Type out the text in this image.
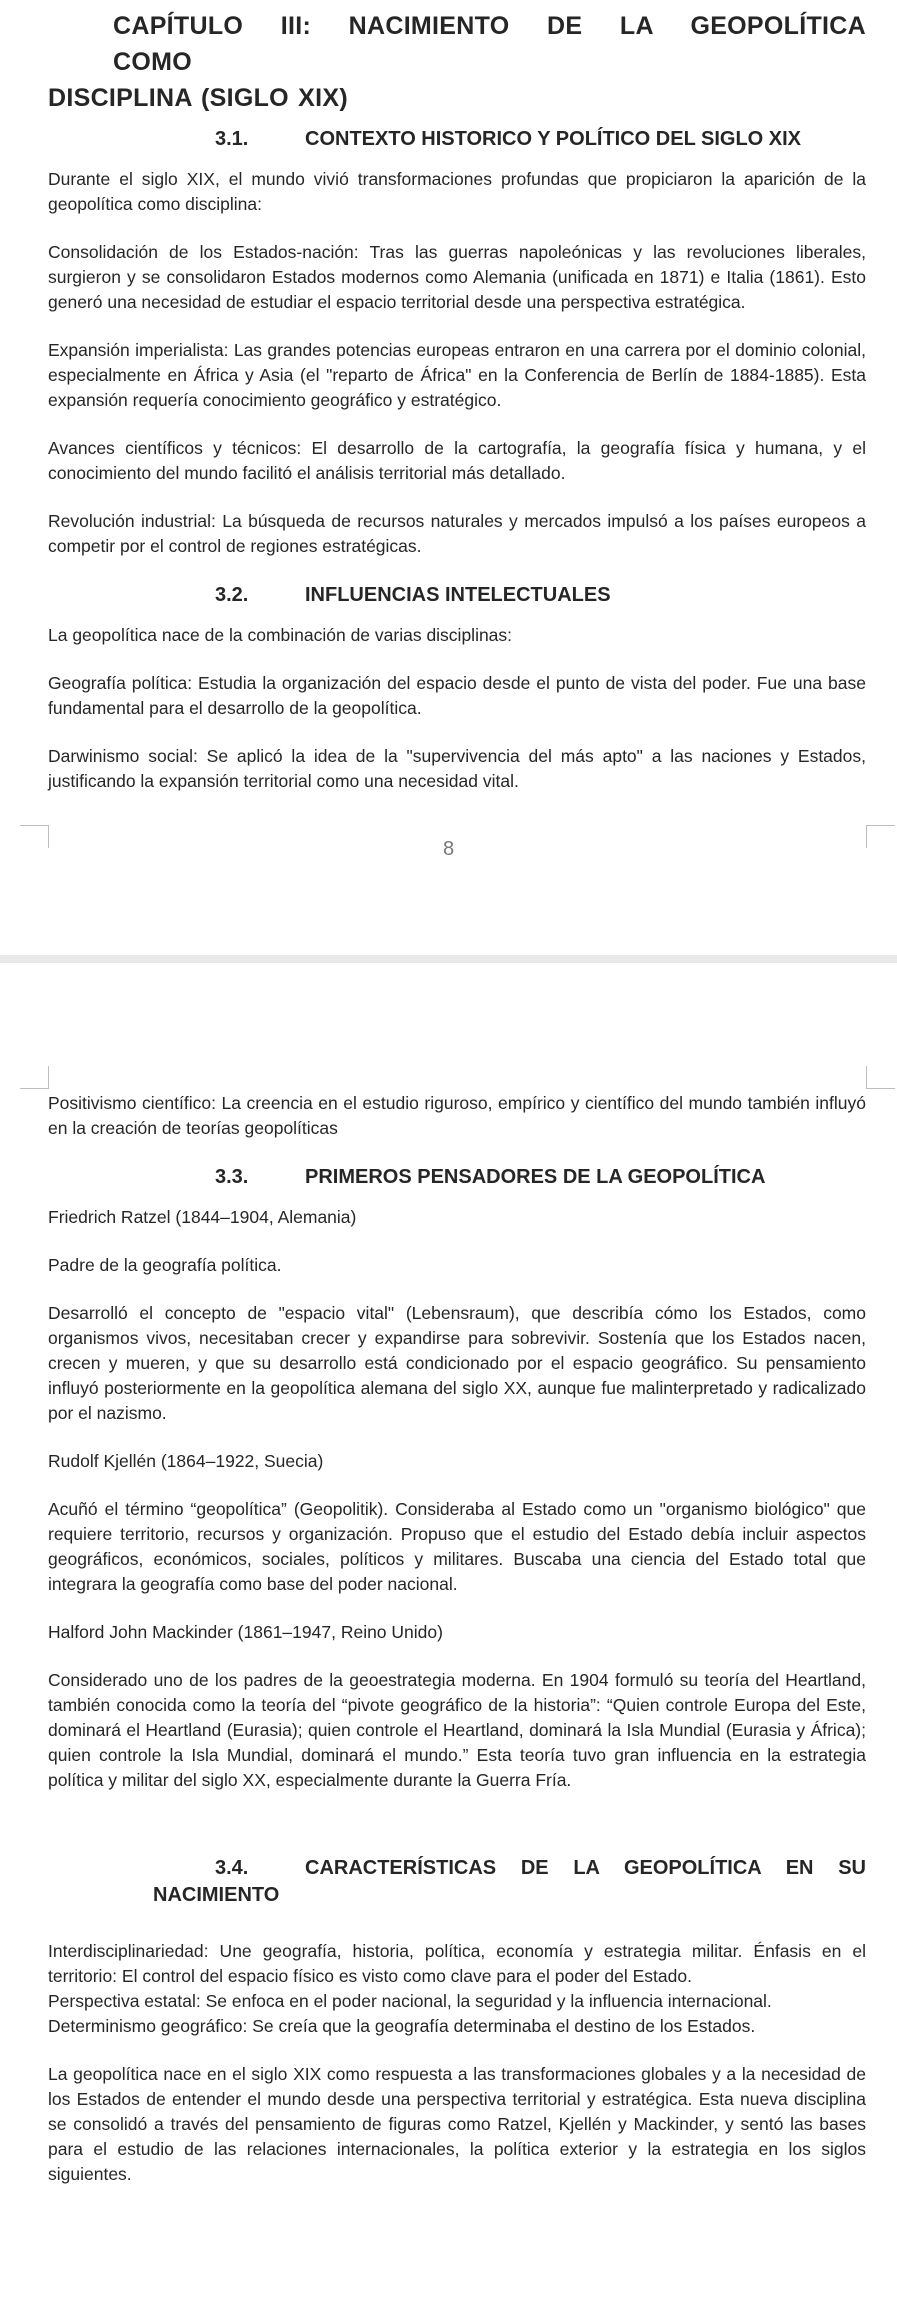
CAPÍTULO III: NACIMIENTO DE LA GEOPOLÍTICA COMO
DISCIPLINA (SIGLO XIX)
3.1.	CONTEXTO HISTORICO Y POLÍTICO DEL SIGLO XIX

Durante el siglo XIX, el mundo vivió transformaciones profundas que propiciaron la aparición de la geopolítica como disciplina:

Consolidación de los Estados-nación: Tras las guerras napoleónicas y las revoluciones liberales, surgieron y se consolidaron Estados modernos como Alemania (unificada en 1871) e Italia (1861). Esto generó una necesidad de estudiar el espacio territorial desde una perspectiva estratégica.

Expansión imperialista: Las grandes potencias europeas entraron en una carrera por el dominio colonial, especialmente en África y Asia (el "reparto de África" en la Conferencia de Berlín de 1884-1885). Esta expansión requería conocimiento geográfico y estratégico.

Avances científicos y técnicos: El desarrollo de la cartografía, la geografía física y humana, y el conocimiento del mundo facilitó el análisis territorial más detallado.

Revolución industrial: La búsqueda de recursos naturales y mercados impulsó a los países europeos a competir por el control de regiones estratégicas.

3.2.	INFLUENCIAS INTELECTUALES

La geopolítica nace de la combinación de varias disciplinas:

Geografía política: Estudia la organización del espacio desde el punto de vista del poder. Fue una base fundamental para el desarrollo de la geopolítica.

Darwinismo social: Se aplicó la idea de la "supervivencia del más apto" a las naciones y Estados, justificando la expansión territorial como una necesidad vital.

8

Positivismo científico: La creencia en el estudio riguroso, empírico y científico del mundo también influyó en la creación de teorías geopolíticas

3.3.	PRIMEROS PENSADORES DE LA GEOPOLÍTICA

Friedrich Ratzel (1844–1904, Alemania)

Padre de la geografía política.

Desarrolló el concepto de "espacio vital" (Lebensraum), que describía cómo los Estados, como organismos vivos, necesitaban crecer y expandirse para sobrevivir. Sostenía que los Estados nacen, crecen y mueren, y que su desarrollo está condicionado por el espacio geográfico. Su pensamiento influyó posteriormente en la geopolítica alemana del siglo XX, aunque fue malinterpretado y radicalizado por el nazismo.

Rudolf Kjellén (1864–1922, Suecia)

Acuñó el término “geopolítica” (Geopolitik). Consideraba al Estado como un "organismo biológico" que requiere territorio, recursos y organización. Propuso que el estudio del Estado debía incluir aspectos geográficos, económicos, sociales, políticos y militares. Buscaba una ciencia del Estado total que integrara la geografía como base del poder nacional.

Halford John Mackinder (1861–1947, Reino Unido)

Considerado uno de los padres de la geoestrategia moderna. En 1904 formuló su teoría del Heartland, también conocida como la teoría del “pivote geográfico de la historia”: “Quien controle Europa del Este, dominará el Heartland (Eurasia); quien controle el Heartland, dominará la Isla Mundial (Eurasia y África); quien controle la Isla Mundial, dominará el mundo.” Esta teoría tuvo gran influencia en la estrategia política y militar del siglo XX, especialmente durante la Guerra Fría.

3.4.	CARACTERÍSTICAS DE LA GEOPOLÍTICA EN SU
NACIMIENTO

Interdisciplinariedad: Une geografía, historia, política, economía y estrategia militar. Énfasis en el territorio: El control del espacio físico es visto como clave para el poder del Estado.

Perspectiva estatal: Se enfoca en el poder nacional, la seguridad y la influencia internacional.

Determinismo geográfico: Se creía que la geografía determinaba el destino de los Estados.

La geopolítica nace en el siglo XIX como respuesta a las transformaciones globales y a la necesidad de los Estados de entender el mundo desde una perspectiva territorial y estratégica. Esta nueva disciplina se consolidó a través del pensamiento de figuras como Ratzel, Kjellén y Mackinder, y sentó las bases para el estudio de las relaciones internacionales, la política exterior y la estrategia en los siglos siguientes.
